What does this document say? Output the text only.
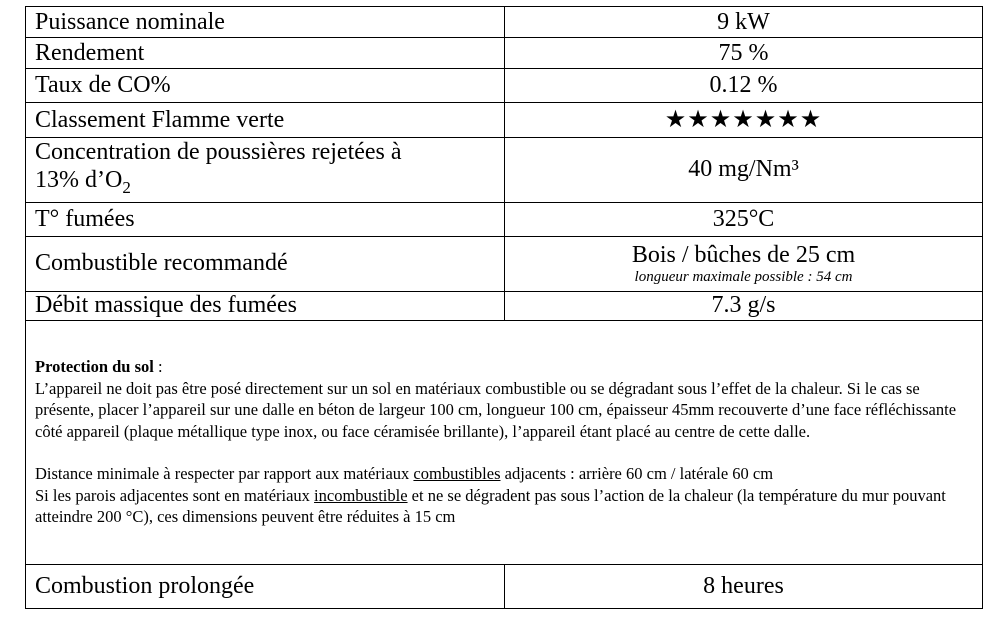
Puissance nominale	9 kW
Rendement	75 %
Taux de CO%	0.12 %
Classement Flamme verte	★★★★★★★
Concentration de poussières rejetées à
13% $d’O_2$	40 mg/Nm³
T° fumées	325°C
Combustible recommandé	Bois / bûches de 25 cm
longueur maximale possible : 54 cm

Débit massique des fumées	7.3 g/s

Protection du sol :

L’appareil ne doit pas être posé directement sur un sol en matériaux combustible ou se dégradant sous l’effet de la chaleur. Si le cas se présente, placer l’appareil sur une dalle en béton de largeur 100 cm, longueur 100 cm, épaisseur 45mm recouverte d’une face réfléchissante côté appareil (plaque métallique type inox, ou face céramisée brillante), l’appareil étant placé au centre de cette dalle.

Distance minimale à respecter par rapport aux matériaux combustibles adjacents : arrière 60 cm / latérale 60 cm

Si les parois adjacentes sont en matériaux incombustible et ne se dégradent pas sous l’action de la chaleur (la température du mur pouvant atteindre 200 °C), ces dimensions peuvent être réduites à 15 cm	

Combustion prolongée	8 heures
